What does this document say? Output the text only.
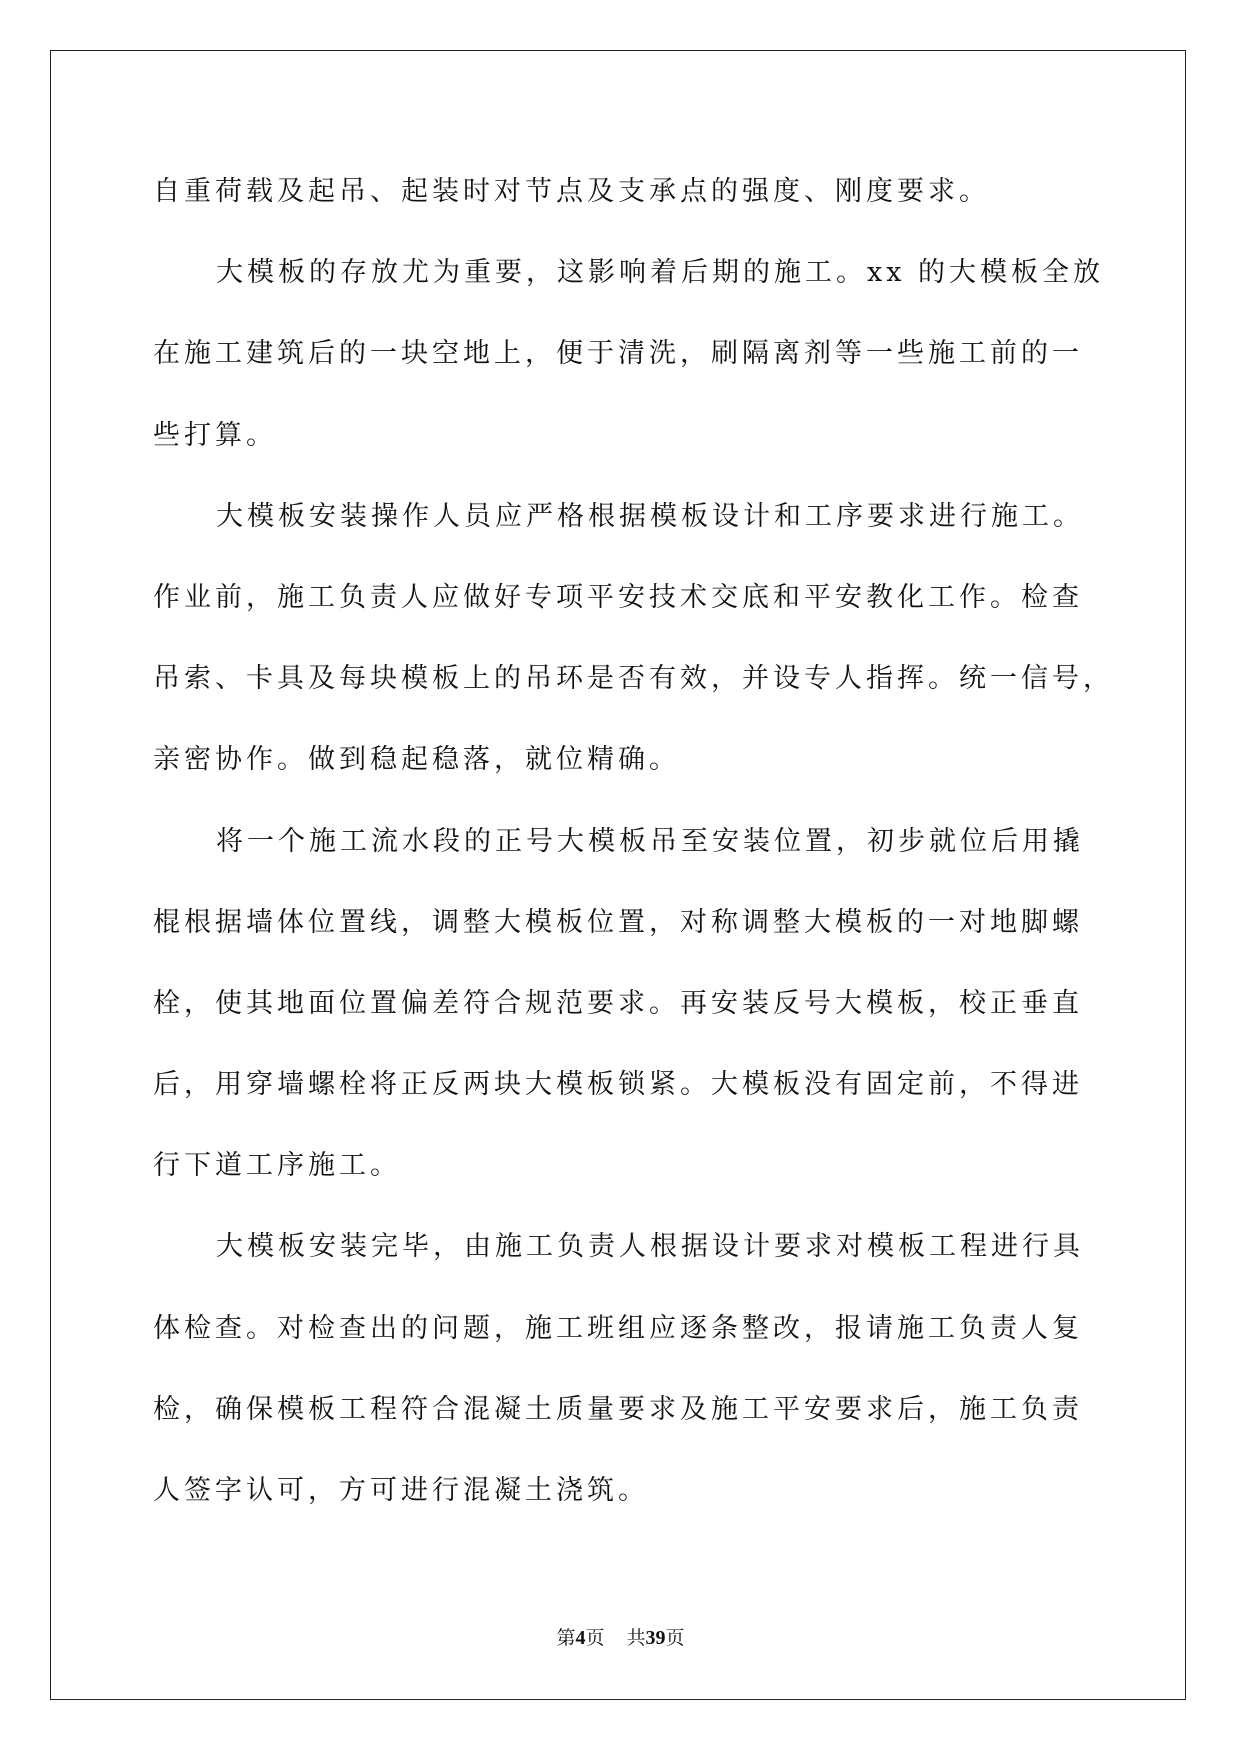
自重荷载及起吊、起装时对节点及支承点的强度、刚度要求。
大模板的存放尤为重要，这影响着后期的施工。xx 的大模板全放
在施工建筑后的一块空地上，便于清洗，刷隔离剂等一些施工前的一
些打算。
大模板安装操作人员应严格根据模板设计和工序要求进行施工。
作业前，施工负责人应做好专项平安技术交底和平安教化工作。检查
吊索、卡具及每块模板上的吊环是否有效，并设专人指挥。统一信号，
亲密协作。做到稳起稳落，就位精确。
将一个施工流水段的正号大模板吊至安装位置，初步就位后用撬
棍根据墙体位置线，调整大模板位置，对称调整大模板的一对地脚螺
栓，使其地面位置偏差符合规范要求。再安装反号大模板，校正垂直
后，用穿墙螺栓将正反两块大模板锁紧。大模板没有固定前，不得进
行下道工序施工。
大模板安装完毕，由施工负责人根据设计要求对模板工程进行具
体检查。对检查出的问题，施工班组应逐条整改，报请施工负责人复
检，确保模板工程符合混凝土质量要求及施工平安要求后，施工负责
人签字认可，方可进行混凝土浇筑。
第4页 共39页
